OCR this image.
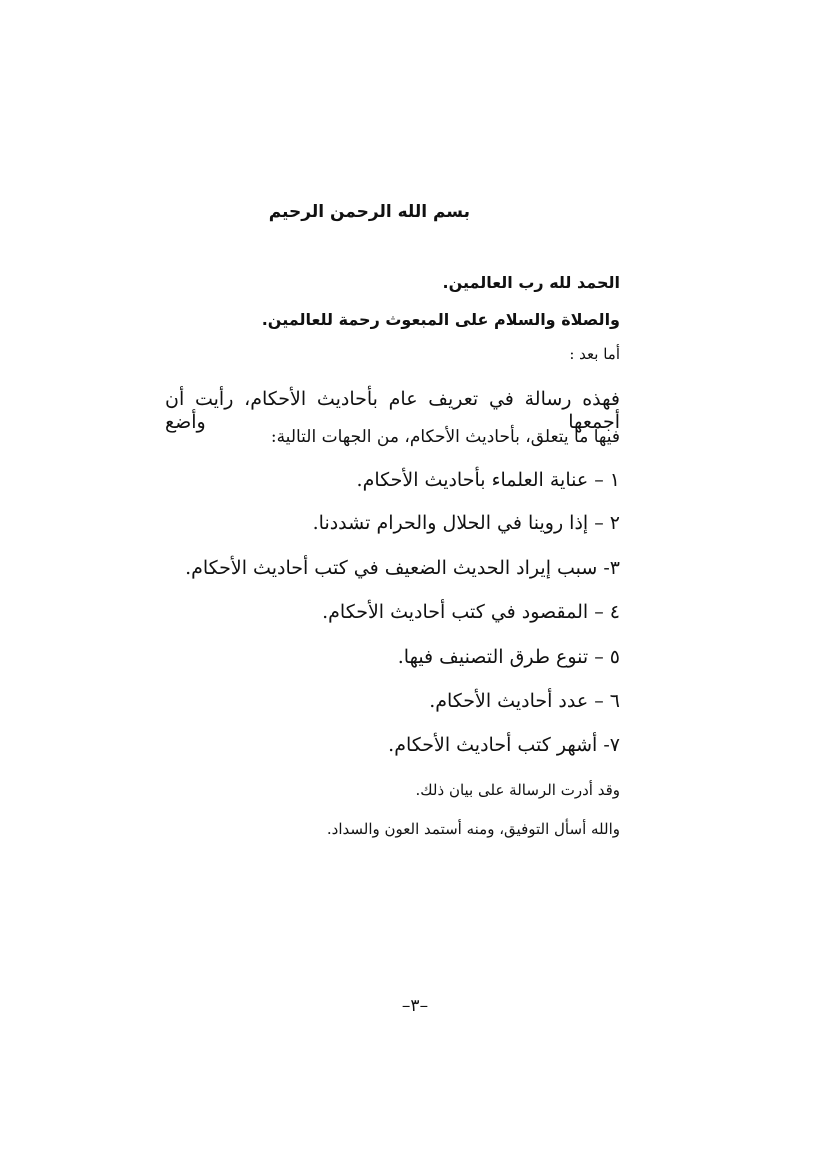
بسم الله الرحمن الرحيم
الحمد لله رب العالمين.
والصلاة والسلام على المبعوث رحمة للعالمين.
أما بعد :
فهذه رسالة في تعريف عام بأحاديث الأحكام، رأيت أن أجمعها وأضع
فيها ما يتعلق، بأحاديث الأحكام، من الجهات التالية:
١ – عناية العلماء بأحاديث الأحكام.
٢ – إذا روينا في الحلال والحرام تشددنا.
٣- سبب إيراد الحديث الضعيف في كتب أحاديث الأحكام.
٤ – المقصود في كتب أحاديث الأحكام.
٥ – تنوع طرق التصنيف فيها.
٦ – عدد أحاديث الأحكام.
٧- أشهر كتب أحاديث الأحكام.
وقد أدرت الرسالة على بيان ذلك.
والله أسأل التوفيق، ومنه أستمد العون والسداد.
–٣–
